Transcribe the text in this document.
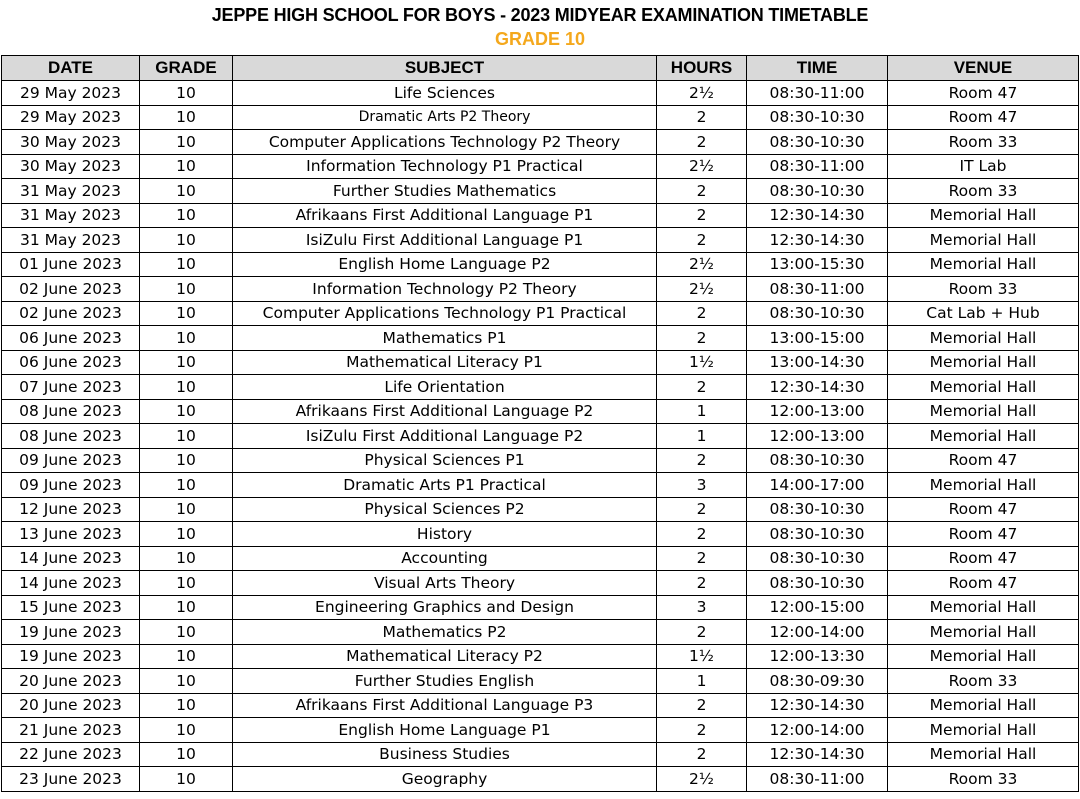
JEPPE HIGH SCHOOL FOR BOYS - 2023 MIDYEAR EXAMINATION TIMETABLE
GRADE 10
DATE	GRADE	SUBJECT	HOURS	TIME	VENUE
29 May 2023	10	Life Sciences	2½	08:30-11:00	Room 47
29 May 2023	10	Dramatic Arts P2 Theory	2	08:30-10:30	Room 47
30 May 2023	10	Computer Applications Technology P2 Theory	2	08:30-10:30	Room 33
30 May 2023	10	Information Technology P1 Practical	2½	08:30-11:00	IT Lab
31 May 2023	10	Further Studies Mathematics	2	08:30-10:30	Room 33
31 May 2023	10	Afrikaans First Additional Language P1	2	12:30-14:30	Memorial Hall
31 May 2023	10	IsiZulu First Additional Language P1	2	12:30-14:30	Memorial Hall
01 June 2023	10	English Home Language P2	2½	13:00-15:30	Memorial Hall
02 June 2023	10	Information Technology P2 Theory	2½	08:30-11:00	Room 33
02 June 2023	10	Computer Applications Technology P1 Practical	2	08:30-10:30	Cat Lab + Hub
06 June 2023	10	Mathematics P1	2	13:00-15:00	Memorial Hall
06 June 2023	10	Mathematical Literacy P1	1½	13:00-14:30	Memorial Hall
07 June 2023	10	Life Orientation	2	12:30-14:30	Memorial Hall
08 June 2023	10	Afrikaans First Additional Language P2	1	12:00-13:00	Memorial Hall
08 June 2023	10	IsiZulu First Additional Language P2	1	12:00-13:00	Memorial Hall
09 June 2023	10	Physical Sciences P1	2	08:30-10:30	Room 47
09 June 2023	10	Dramatic Arts P1 Practical	3	14:00-17:00	Memorial Hall
12 June 2023	10	Physical Sciences P2	2	08:30-10:30	Room 47
13 June 2023	10	History	2	08:30-10:30	Room 47
14 June 2023	10	Accounting	2	08:30-10:30	Room 47
14 June 2023	10	Visual Arts Theory	2	08:30-10:30	Room 47
15 June 2023	10	Engineering Graphics and Design	3	12:00-15:00	Memorial Hall
19 June 2023	10	Mathematics P2	2	12:00-14:00	Memorial Hall
19 June 2023	10	Mathematical Literacy P2	1½	12:00-13:30	Memorial Hall
20 June 2023	10	Further Studies English	1	08:30-09:30	Room 33
20 June 2023	10	Afrikaans First Additional Language P3	2	12:30-14:30	Memorial Hall
21 June 2023	10	English Home Language P1	2	12:00-14:00	Memorial Hall
22 June 2023	10	Business Studies	2	12:30-14:30	Memorial Hall
23 June 2023	10	Geography	2½	08:30-11:00	Room 33
